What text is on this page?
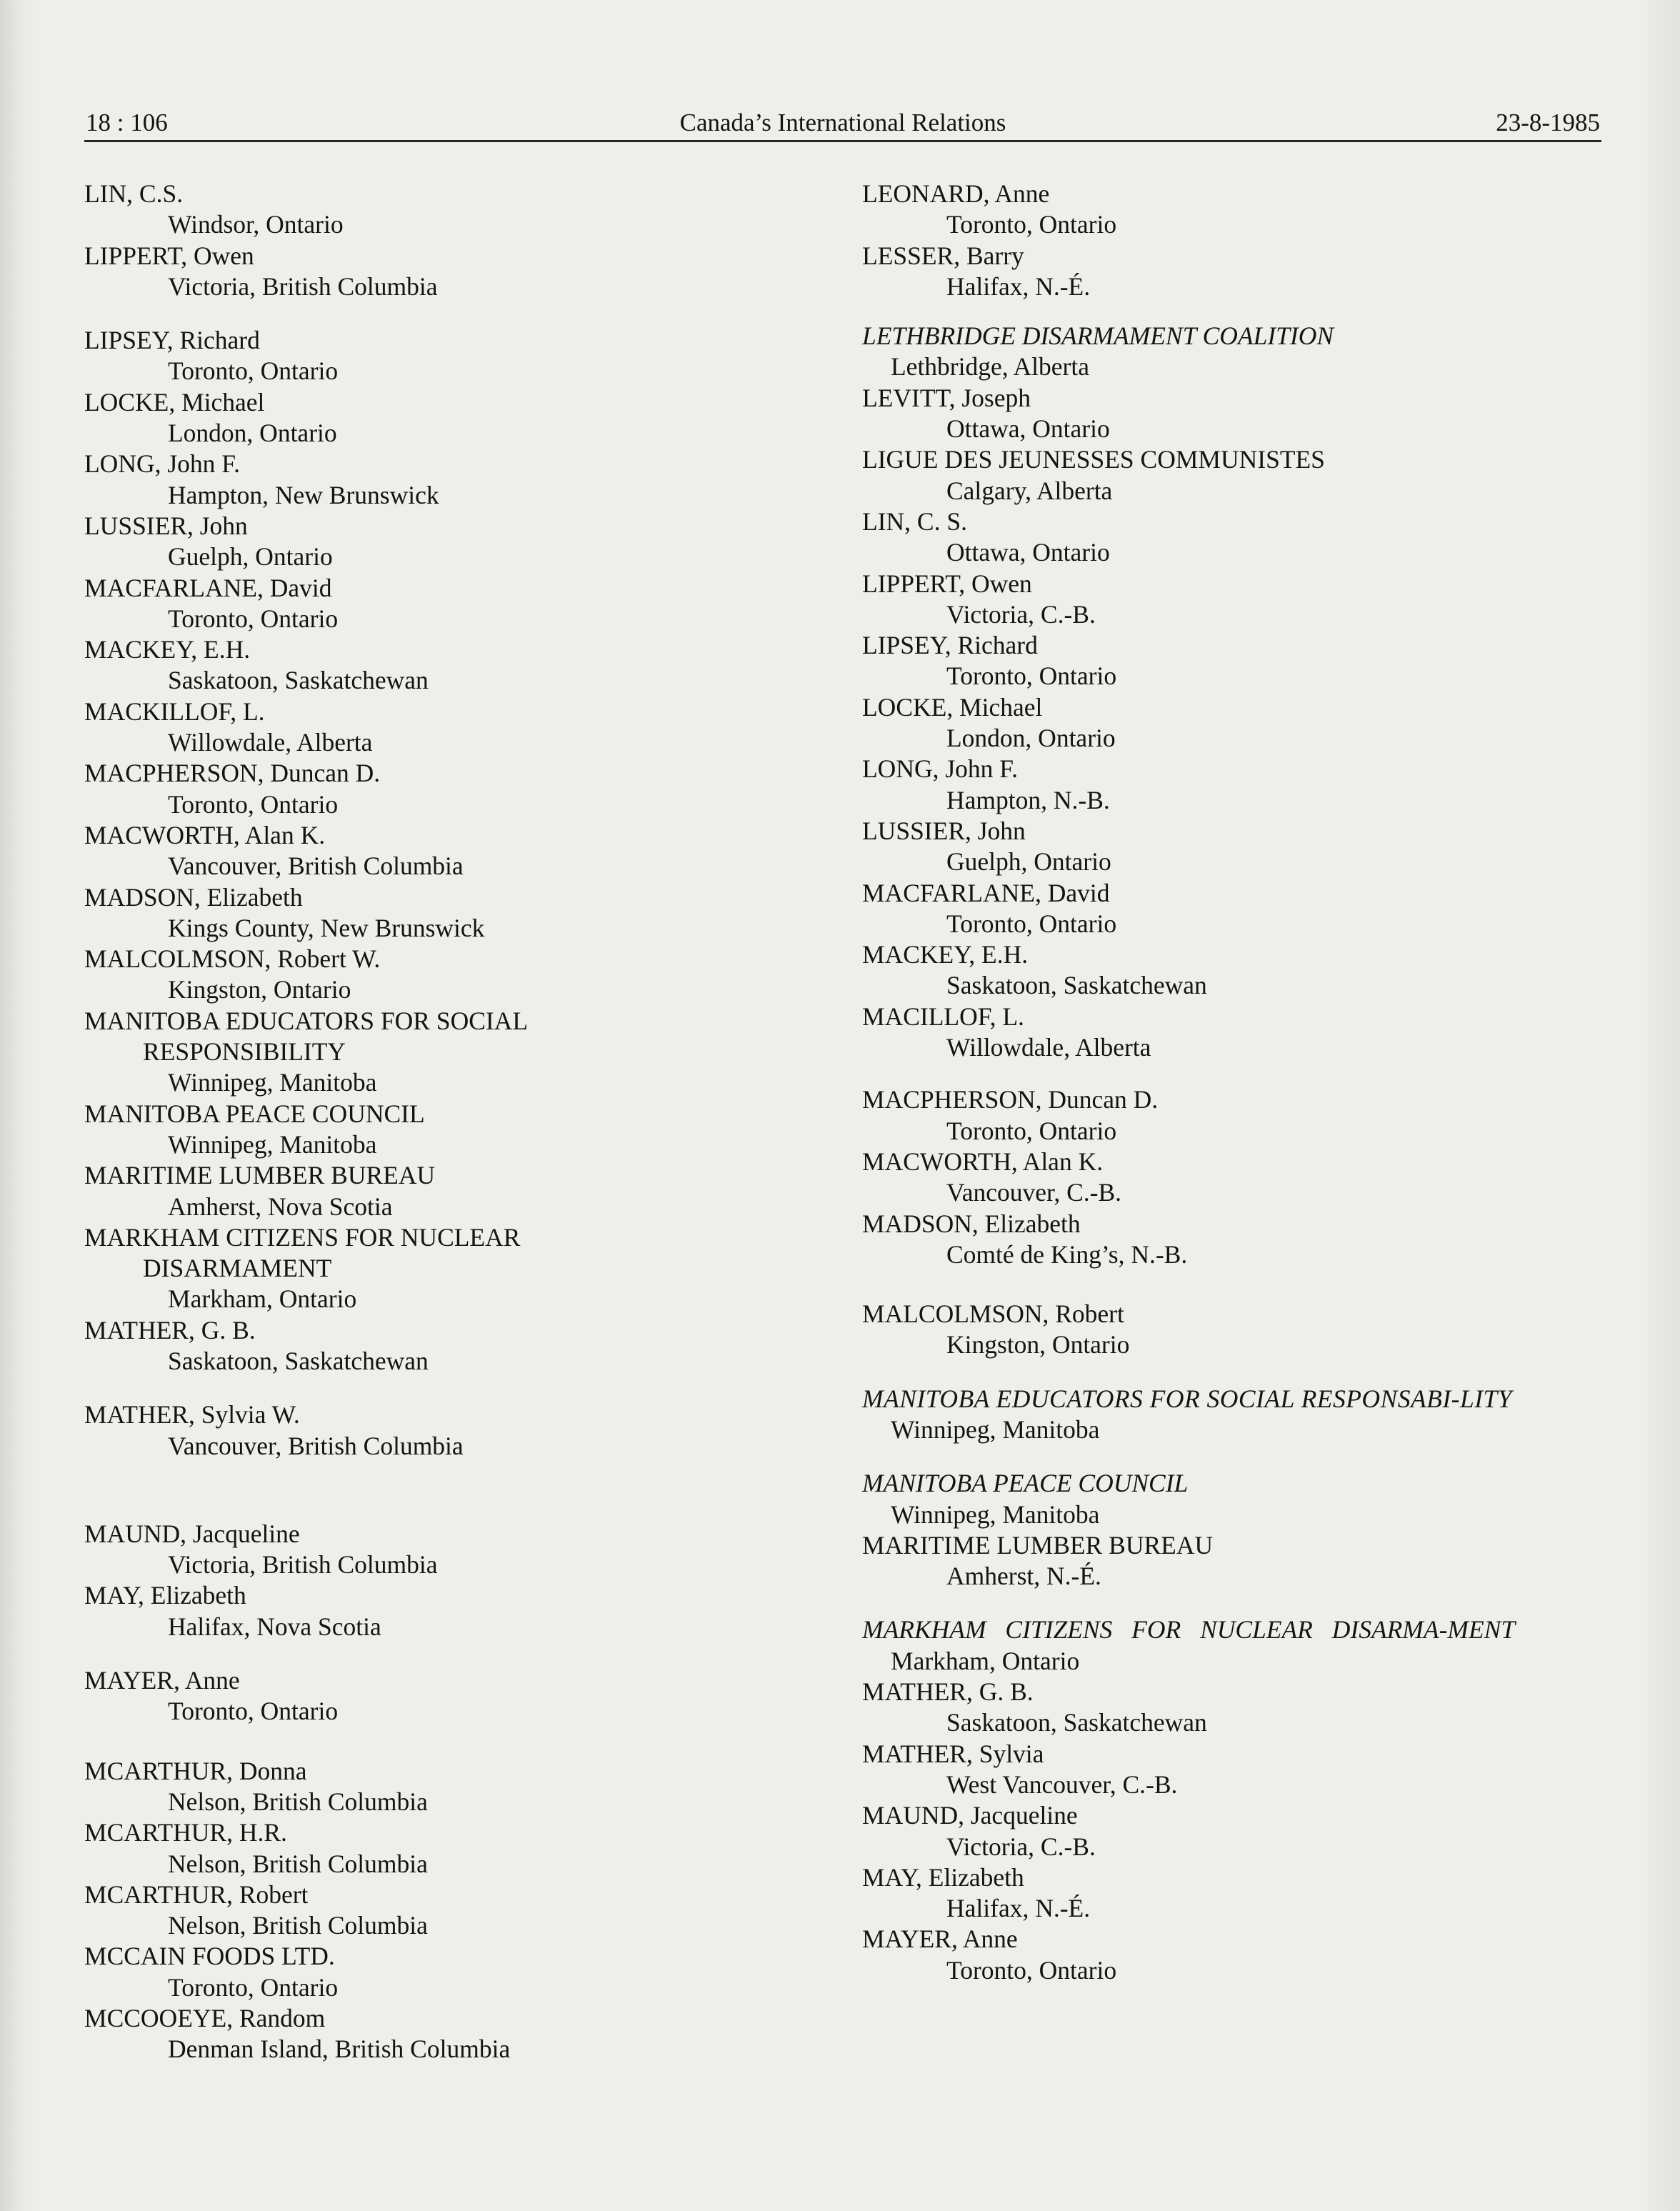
18 : 106	Canada’s International Relations	23-8-1985
LIN, C.S.
Windsor, Ontario
LIPPERT, Owen
Victoria, British Columbia
LIPSEY, Richard
Toronto, Ontario
LOCKE, Michael
London, Ontario
LONG, John F.
Hampton, New Brunswick
LUSSIER, John
Guelph, Ontario
MACFARLANE, David
Toronto, Ontario
MACKEY, E.H.
Saskatoon, Saskatchewan
MACKILLOF, L.
Willowdale, Alberta
MACPHERSON, Duncan D.
Toronto, Ontario
MACWORTH, Alan K.
Vancouver, British Columbia
MADSON, Elizabeth
Kings County, New Brunswick
MALCOLMSON, Robert W.
Kingston, Ontario
MANITOBA EDUCATORS FOR SOCIAL RESPONSIBILITY
Winnipeg, Manitoba
MANITOBA PEACE COUNCIL
Winnipeg, Manitoba
MARITIME LUMBER BUREAU
Amherst, Nova Scotia
MARKHAM CITIZENS FOR NUCLEAR DISARMAMENT
Markham, Ontario
MATHER, G. B.
Saskatoon, Saskatchewan
MATHER, Sylvia W.
Vancouver, British Columbia
MAUND, Jacqueline
Victoria, British Columbia
MAY, Elizabeth
Halifax, Nova Scotia
MAYER, Anne
Toronto, Ontario
MCARTHUR, Donna
Nelson, British Columbia
MCARTHUR, H.R.
Nelson, British Columbia
MCARTHUR, Robert
Nelson, British Columbia
MCCAIN FOODS LTD.
Toronto, Ontario
MCCOOEYE, Random
Denman Island, British Columbia
LEONARD, Anne
Toronto, Ontario
LESSER, Barry
Halifax, N.-É.
LETHBRIDGE DISARMAMENT COALITION
Lethbridge, Alberta
LEVITT, Joseph
Ottawa, Ontario
LIGUE DES JEUNESSES COMMUNISTES
Calgary, Alberta
LIN, C. S.
Ottawa, Ontario
LIPPERT, Owen
Victoria, C.-B.
LIPSEY, Richard
Toronto, Ontario
LOCKE, Michael
London, Ontario
LONG, John F.
Hampton, N.-B.
LUSSIER, John
Guelph, Ontario
MACFARLANE, David
Toronto, Ontario
MACKEY, E.H.
Saskatoon, Saskatchewan
MACILLOF, L.
Willowdale, Alberta
MACPHERSON, Duncan D.
Toronto, Ontario
MACWORTH, Alan K.
Vancouver, C.-B.
MADSON, Elizabeth
Comté de King’s, N.-B.
MALCOLMSON, Robert
Kingston, Ontario
MANITOBA EDUCATORS FOR SOCIAL RESPONSABI-LITY
Winnipeg, Manitoba
MANITOBA PEACE COUNCIL
Winnipeg, Manitoba
MARITIME LUMBER BUREAU
Amherst, N.-É.
MARKHAM CITIZENS FOR NUCLEAR DISARMA-MENT
Markham, Ontario
MATHER, G. B.
Saskatoon, Saskatchewan
MATHER, Sylvia
West Vancouver, C.-B.
MAUND, Jacqueline
Victoria, C.-B.
MAY, Elizabeth
Halifax, N.-É.
MAYER, Anne
Toronto, Ontario
